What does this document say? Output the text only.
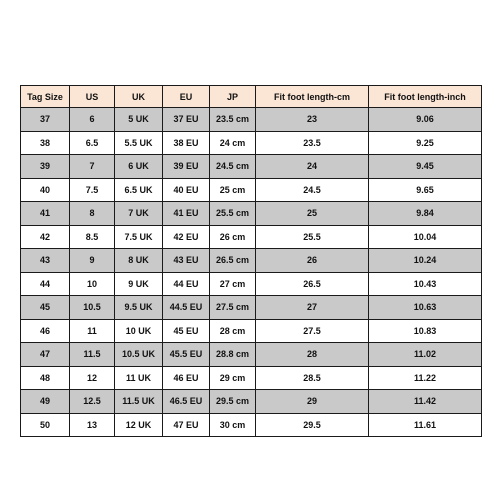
Tag Size	US	UK	EU	JP	Fit foot length-cm	Fit foot length-inch
37	6	5 UK	37 EU	23.5 cm	23	9.06
38	6.5	5.5 UK	38 EU	24 cm	23.5	9.25
39	7	6 UK	39 EU	24.5 cm	24	9.45
40	7.5	6.5 UK	40 EU	25 cm	24.5	9.65
41	8	7 UK	41 EU	25.5 cm	25	9.84
42	8.5	7.5 UK	42 EU	26 cm	25.5	10.04
43	9	8 UK	43 EU	26.5 cm	26	10.24
44	10	9 UK	44 EU	27 cm	26.5	10.43
45	10.5	9.5 UK	44.5 EU	27.5 cm	27	10.63
46	11	10 UK	45 EU	28 cm	27.5	10.83
47	11.5	10.5 UK	45.5 EU	28.8 cm	28	11.02
48	12	11 UK	46 EU	29 cm	28.5	11.22
49	12.5	11.5 UK	46.5 EU	29.5 cm	29	11.42
50	13	12 UK	47 EU	30 cm	29.5	11.61
